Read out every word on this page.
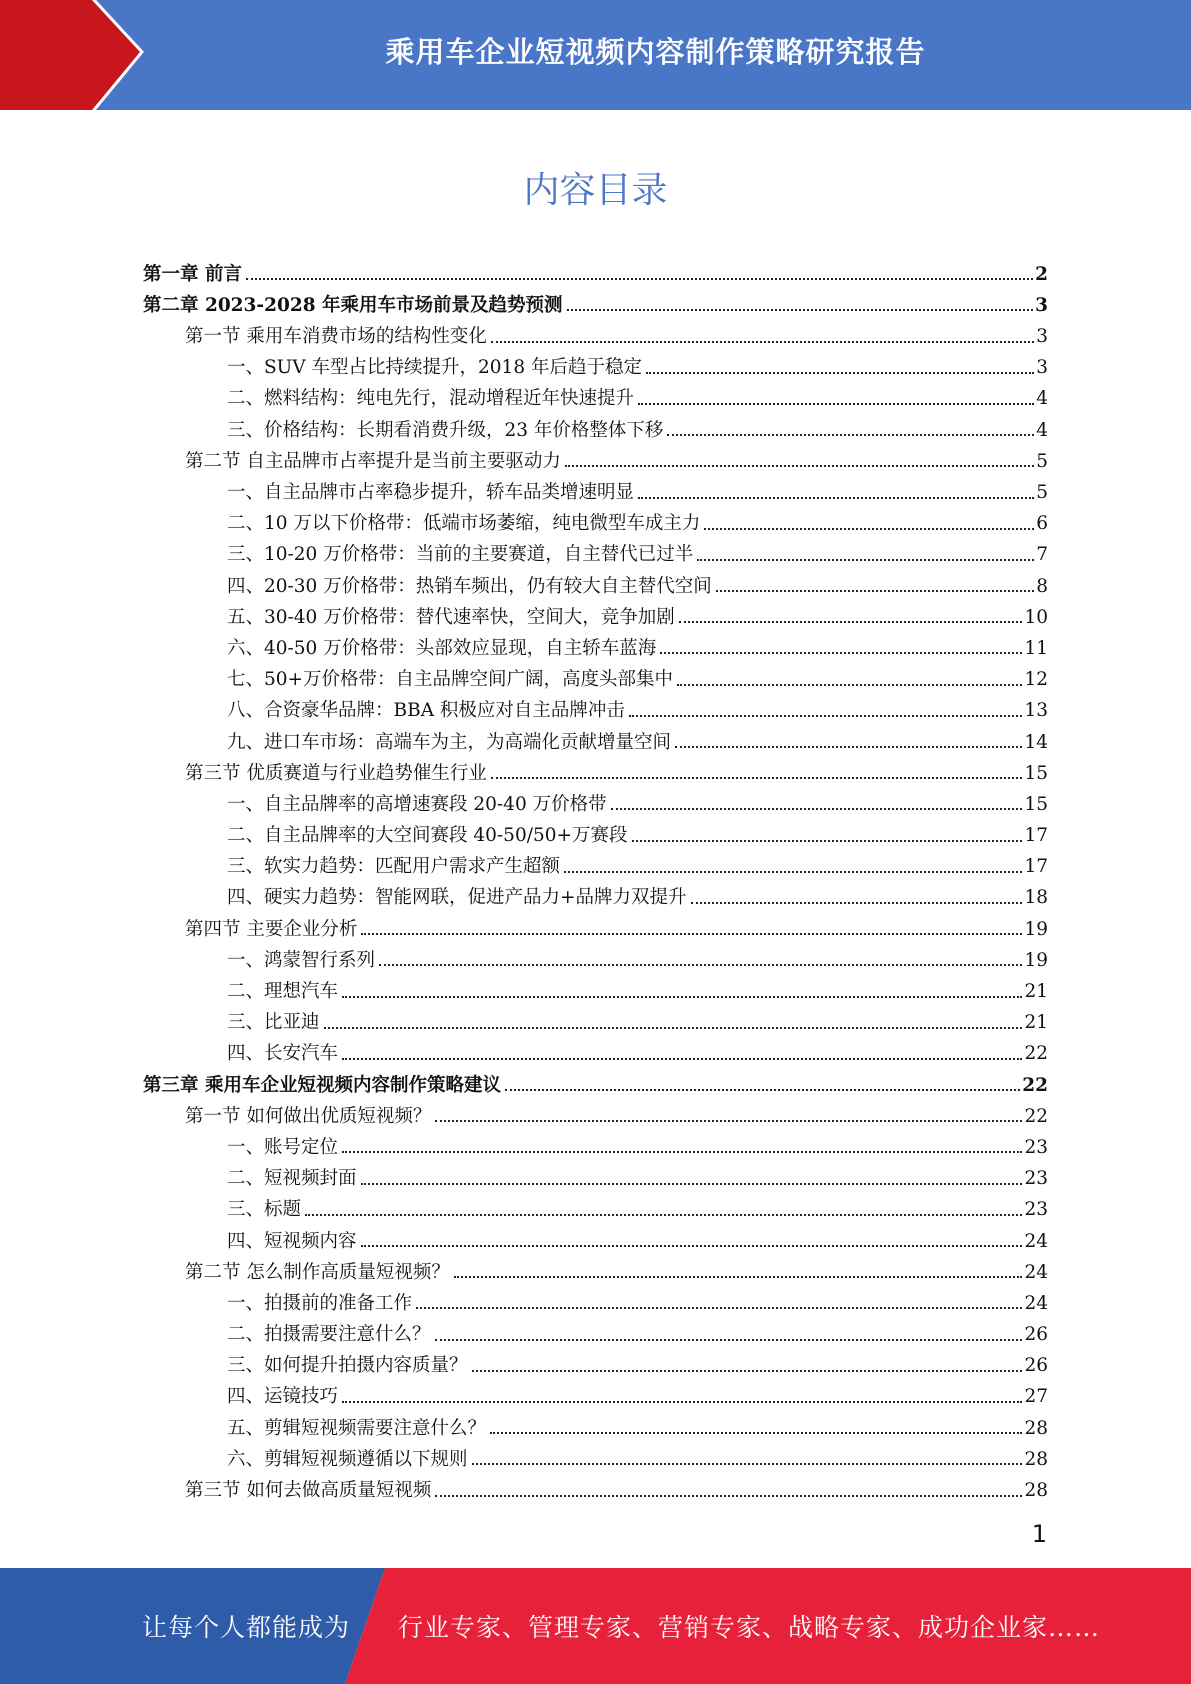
乘用车企业短视频内容制作策略研究报告
内容目录
第一章 前言	2
第二章 2023-2028 年乘用车市场前景及趋势预测	3
第一节 乘用车消费市场的结构性变化	3
一、SUV 车型占比持续提升，2018 年后趋于稳定	3
二、燃料结构：纯电先行，混动增程近年快速提升	4
三、价格结构：长期看消费升级，23 年价格整体下移	4
第二节 自主品牌市占率提升是当前主要驱动力	5
一、自主品牌市占率稳步提升，轿车品类增速明显	5
二、10 万以下价格带：低端市场萎缩，纯电微型车成主力	6
三、10-20 万价格带：当前的主要赛道，自主替代已过半	7
四、20-30 万价格带：热销车频出，仍有较大自主替代空间	8
五、30-40 万价格带：替代速率快，空间大，竞争加剧	10
六、40-50 万价格带：头部效应显现，自主轿车蓝海	11
七、50+万价格带：自主品牌空间广阔，高度头部集中	12
八、合资豪华品牌：BBA 积极应对自主品牌冲击	13
九、进口车市场：高端车为主，为高端化贡献增量空间	14
第三节 优质赛道与行业趋势催生行业	15
一、自主品牌率的高增速赛段 20-40 万价格带	15
二、自主品牌率的大空间赛段 40-50/50+万赛段	17
三、软实力趋势：匹配用户需求产生超额	17
四、硬实力趋势：智能网联，促进产品力+品牌力双提升	18
第四节 主要企业分析	19
一、鸿蒙智行系列	19
二、理想汽车	21
三、比亚迪	21
四、长安汽车	22
第三章 乘用车企业短视频内容制作策略建议	22
第一节 如何做出优质短视频？	22
一、账号定位	23
二、短视频封面	23
三、标题	23
四、短视频内容	24
第二节 怎么制作高质量短视频？	24
一、拍摄前的准备工作	24
二、拍摄需要注意什么？	26
三、如何提升拍摄内容质量？	26
四、运镜技巧	27
五、剪辑短视频需要注意什么？	28
六、剪辑短视频遵循以下规则	28
第三节 如何去做高质量短视频	28
1
让每个人都能成为 行业专家、管理专家、营销专家、战略专家、成功企业家……
